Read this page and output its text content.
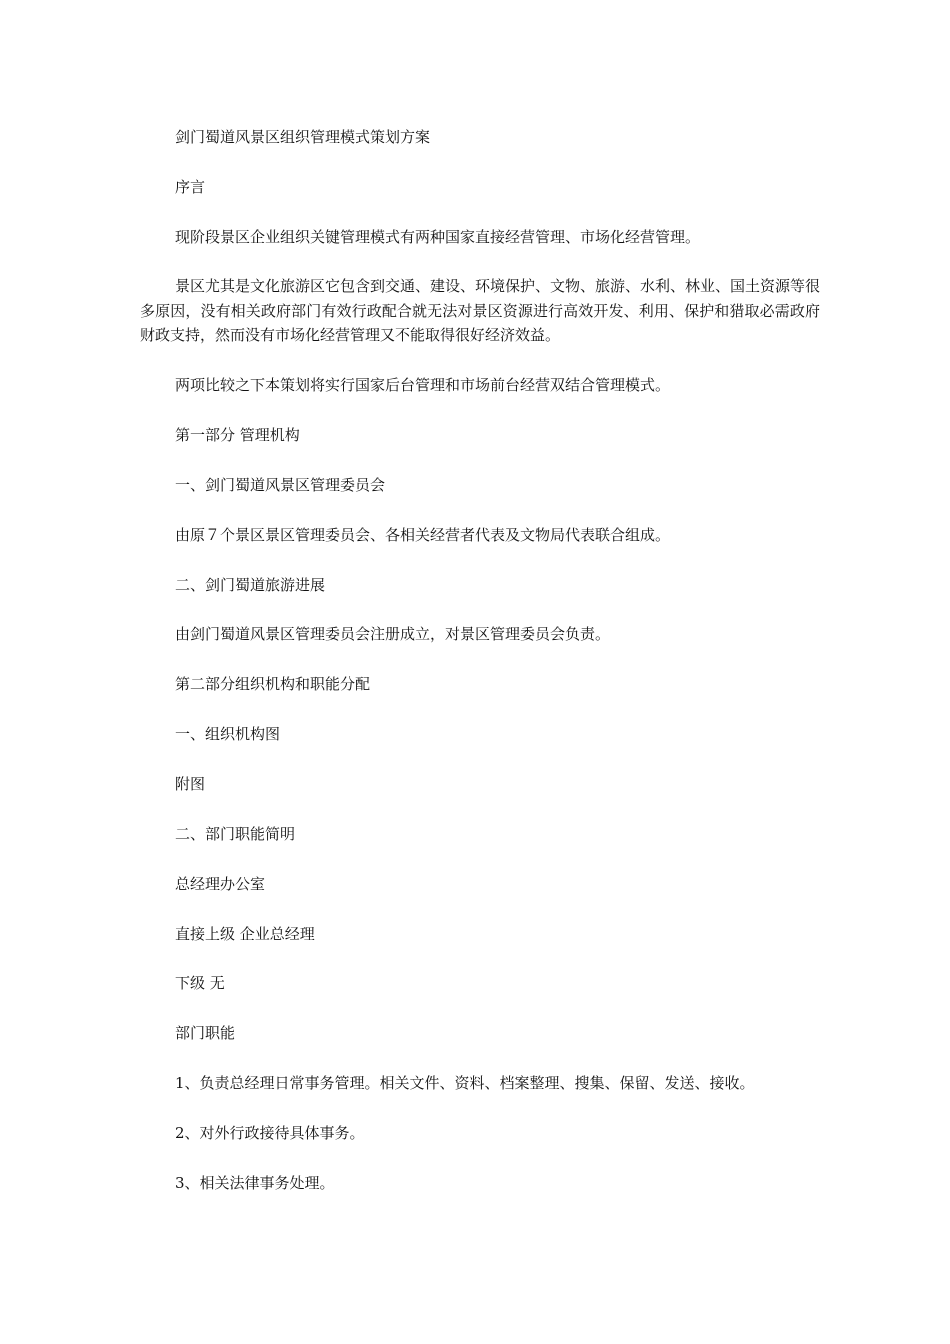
剑门蜀道风景区组织管理模式策划方案

序言

现阶段景区企业组织关键管理模式有两种国家直接经营管理、市场化经营管理。

景区尤其是文化旅游区它包含到交通、建设、环境保护、文物、旅游、水利、林业、国土资源等很多原因，没有相关政府部门有效行政配合就无法对景区资源进行高效开发、利用、保护和猎取必需政府财政支持，然而没有市场化经营管理又不能取得很好经济效益。

两项比较之下本策划将实行国家后台管理和市场前台经营双结合管理模式。

第一部分 管理机构

一、剑门蜀道风景区管理委员会

由原７个景区景区管理委员会、各相关经营者代表及文物局代表联合组成。

二、剑门蜀道旅游进展

由剑门蜀道风景区管理委员会注册成立，对景区管理委员会负责。

第二部分组织机构和职能分配

一、组织机构图

附图

二、部门职能简明

总经理办公室

直接上级 企业总经理

下级 无

部门职能

1、负责总经理日常事务管理。相关文件、资料、档案整理、搜集、保留、发送、接收。

2、对外行政接待具体事务。

3、相关法律事务处理。
